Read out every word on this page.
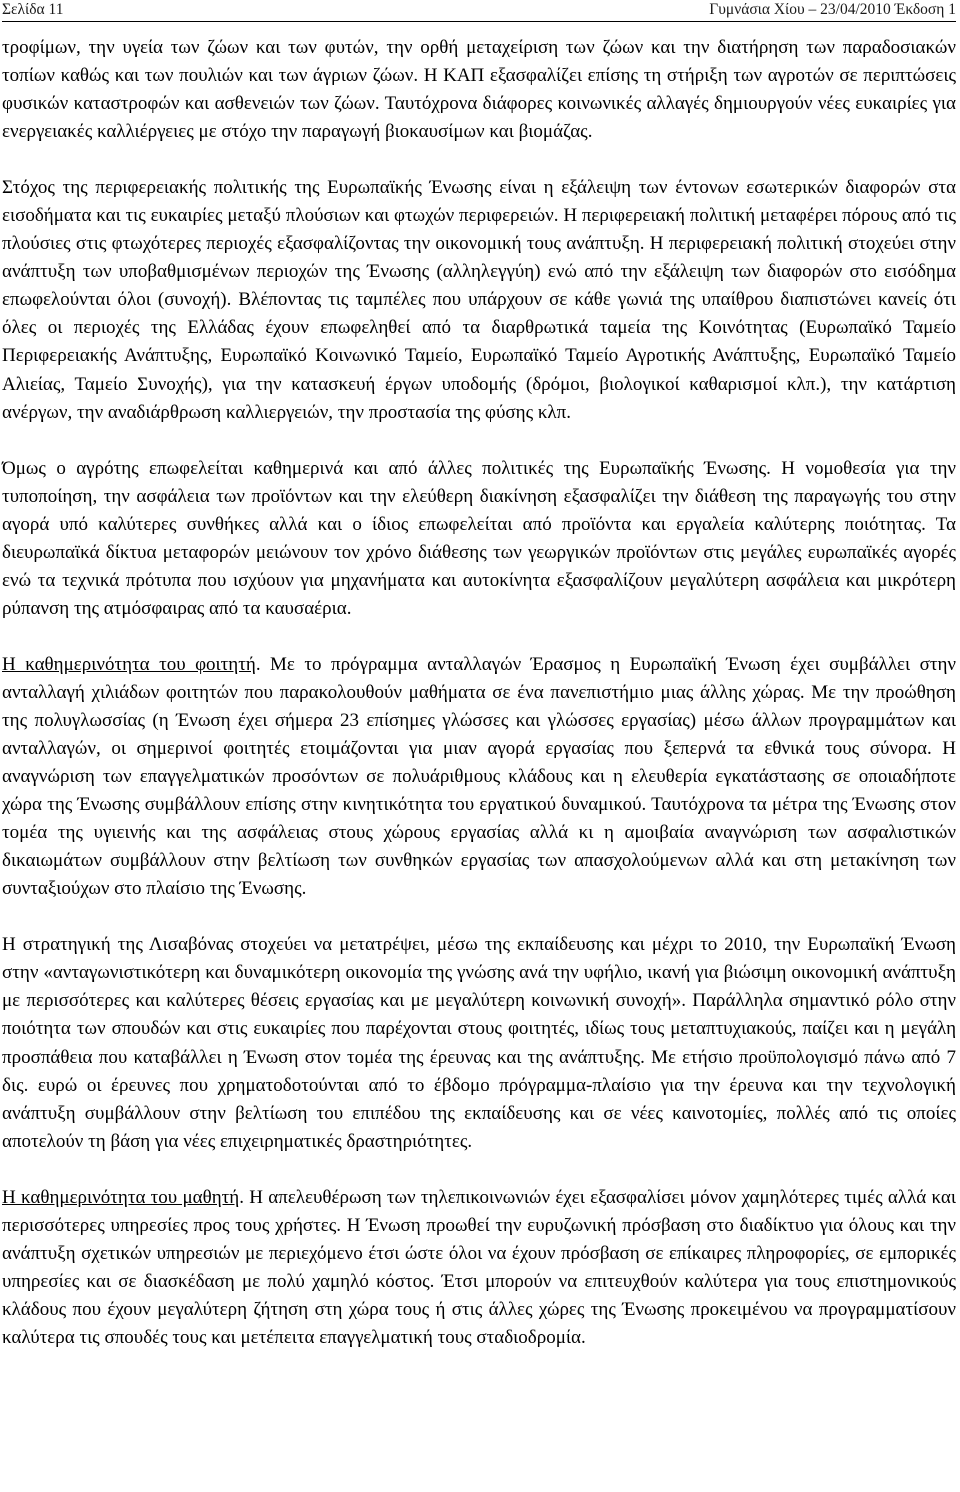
Σελίδα 11	Γυμνάσια Χίου – 23/04/2010 Έκδοση 1

τροφίμων, την υγεία των ζώων και των φυτών, την ορθή μεταχείριση των ζώων και την διατήρηση των παραδοσιακών τοπίων καθώς και των πουλιών και των άγριων ζώων. Η ΚΑΠ εξασφαλίζει επίσης τη στήριξη των αγροτών σε περιπτώσεις φυσικών καταστροφών και ασθενειών των ζώων. Ταυτόχρονα διάφορες κοινωνικές αλλαγές δημιουργούν νέες ευκαιρίες για ενεργειακές καλλιέργειες με στόχο την παραγωγή βιοκαυσίμων και βιομάζας.

Στόχος της περιφερειακής πολιτικής της Ευρωπαϊκής Ένωσης είναι η εξάλειψη των έντονων εσωτερικών διαφορών στα εισοδήματα και τις ευκαιρίες μεταξύ πλούσιων και φτωχών περιφερειών. Η περιφερειακή πολιτική μεταφέρει πόρους από τις πλούσιες στις φτωχότερες περιοχές εξασφαλίζοντας την οικονομική τους ανάπτυξη. Η περιφερειακή πολιτική στοχεύει στην ανάπτυξη των υποβαθμισμένων περιοχών της Ένωσης (αλληλεγγύη) ενώ από την εξάλειψη των διαφορών στο εισόδημα επωφελούνται όλοι (συνοχή). Βλέποντας τις ταμπέλες που υπάρχουν σε κάθε γωνιά της υπαίθρου διαπιστώνει κανείς ότι όλες οι περιοχές της Ελλάδας έχουν επωφεληθεί από τα διαρθρωτικά ταμεία της Κοινότητας (Ευρωπαϊκό Ταμείο Περιφερειακής Ανάπτυξης, Ευρωπαϊκό Κοινωνικό Ταμείο, Ευρωπαϊκό Ταμείο Αγροτικής Ανάπτυξης, Ευρωπαϊκό Ταμείο Αλιείας, Ταμείο Συνοχής), για την κατασκευή έργων υποδομής (δρόμοι, βιολογικοί καθαρισμοί κλπ.), την κατάρτιση ανέργων, την αναδιάρθρωση καλλιεργειών, την προστασία της φύσης κλπ.

Όμως ο αγρότης επωφελείται καθημερινά και από άλλες πολιτικές της Ευρωπαϊκής Ένωσης. Η νομοθεσία για την τυποποίηση, την ασφάλεια των προϊόντων και την ελεύθερη διακίνηση εξασφαλίζει την διάθεση της παραγωγής του στην αγορά υπό καλύτερες συνθήκες αλλά και ο ίδιος επωφελείται από προϊόντα και εργαλεία καλύτερης ποιότητας. Τα διευρωπαϊκά δίκτυα μεταφορών μειώνουν τον χρόνο διάθεσης των γεωργικών προϊόντων στις μεγάλες ευρωπαϊκές αγορές ενώ τα τεχνικά πρότυπα που ισχύουν για μηχανήματα και αυτοκίνητα εξασφαλίζουν μεγαλύτερη ασφάλεια και μικρότερη ρύπανση της ατμόσφαιρας από τα καυσαέρια.

Η καθημερινότητα του φοιτητή. Με το πρόγραμμα ανταλλαγών Έρασμος η Ευρωπαϊκή Ένωση έχει συμβάλλει στην ανταλλαγή χιλιάδων φοιτητών που παρακολουθούν μαθήματα σε ένα πανεπιστήμιο μιας άλλης χώρας. Με την προώθηση της πολυγλωσσίας (η Ένωση έχει σήμερα 23 επίσημες γλώσσες και γλώσσες εργασίας) μέσω άλλων προγραμμάτων και ανταλλαγών, οι σημερινοί φοιτητές ετοιμάζονται για μιαν αγορά εργασίας που ξεπερνά τα εθνικά τους σύνορα. Η αναγνώριση των επαγγελματικών προσόντων σε πολυάριθμους κλάδους και η ελευθερία εγκατάστασης σε οποιαδήποτε χώρα της Ένωσης συμβάλλουν επίσης στην κινητικότητα του εργατικού δυναμικού. Ταυτόχρονα τα μέτρα της Ένωσης στον τομέα της υγιεινής και της ασφάλειας στους χώρους εργασίας αλλά κι η αμοιβαία αναγνώριση των ασφαλιστικών δικαιωμάτων συμβάλλουν στην βελτίωση των συνθηκών εργασίας των απασχολούμενων αλλά και στη μετακίνηση των συνταξιούχων στο πλαίσιο της Ένωσης.

Η στρατηγική της Λισαβόνας στοχεύει να μετατρέψει, μέσω της εκπαίδευσης και μέχρι το 2010, την Ευρωπαϊκή Ένωση στην «ανταγωνιστικότερη και δυναμικότερη οικονομία της γνώσης ανά την υφήλιο, ικανή για βιώσιμη οικονομική ανάπτυξη με περισσότερες και καλύτερες θέσεις εργασίας και με μεγαλύτερη κοινωνική συνοχή». Παράλληλα σημαντικό ρόλο στην ποιότητα των σπουδών και στις ευκαιρίες που παρέχονται στους φοιτητές, ιδίως τους μεταπτυχιακούς, παίζει και η μεγάλη προσπάθεια που καταβάλλει η Ένωση στον τομέα της έρευνας και της ανάπτυξης. Με ετήσιο προϋπολογισμό πάνω από 7 δις. ευρώ οι έρευνες που χρηματοδοτούνται από το έβδομο πρόγραμμα-πλαίσιο για την έρευνα και την τεχνολογική ανάπτυξη συμβάλλουν στην βελτίωση του επιπέδου της εκπαίδευσης και σε νέες καινοτομίες, πολλές από τις οποίες αποτελούν τη βάση για νέες επιχειρηματικές δραστηριότητες.

Η καθημερινότητα του μαθητή. Η απελευθέρωση των τηλεπικοινωνιών έχει εξασφαλίσει μόνον χαμηλότερες τιμές αλλά και περισσότερες υπηρεσίες προς τους χρήστες. Η Ένωση προωθεί την ευρυζωνική πρόσβαση στο διαδίκτυο για όλους και την ανάπτυξη σχετικών υπηρεσιών με περιεχόμενο έτσι ώστε όλοι να έχουν πρόσβαση σε επίκαιρες πληροφορίες, σε εμπορικές υπηρεσίες και σε διασκέδαση με πολύ χαμηλό κόστος. Έτσι μπορούν να επιτευχθούν καλύτερα για τους επιστημονικούς κλάδους που έχουν μεγαλύτερη ζήτηση στη χώρα τους ή στις άλλες χώρες της Ένωσης προκειμένου να προγραμματίσουν καλύτερα τις σπουδές τους και μετέπειτα επαγγελματική τους σταδιοδρομία.
